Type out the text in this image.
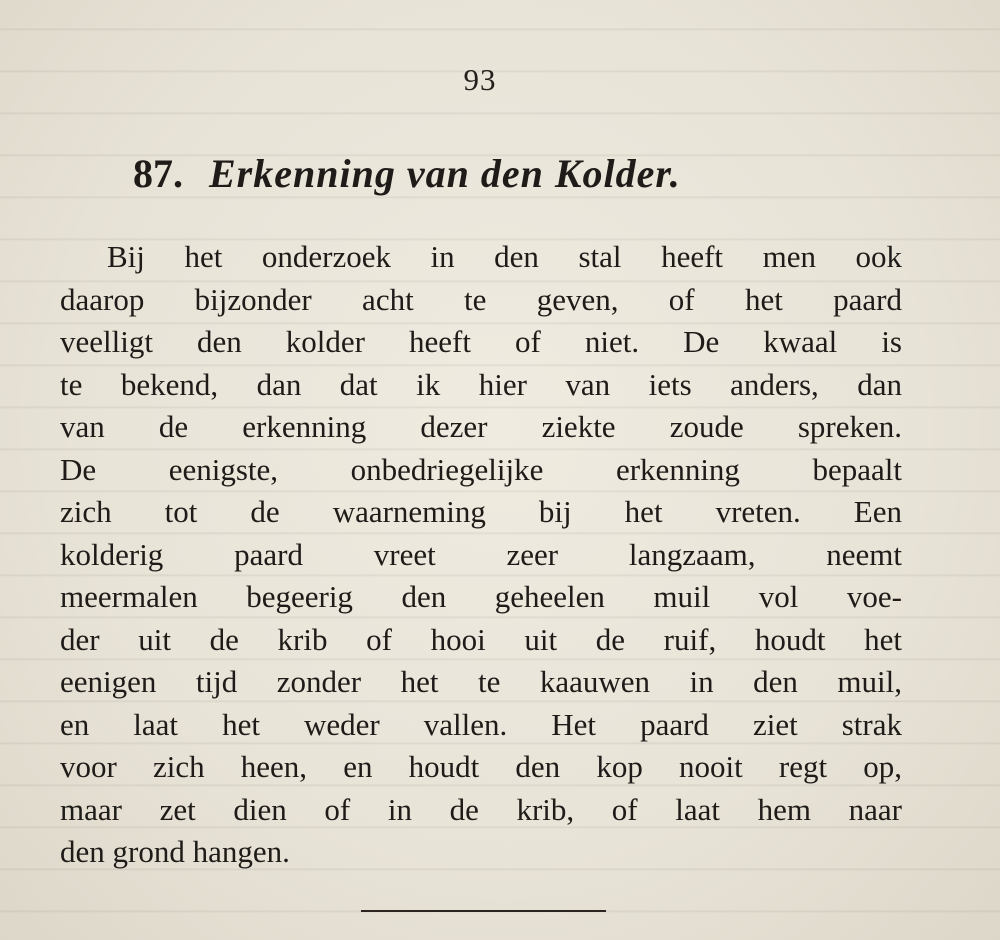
93
87. Erkenning van den Kolder.
Bij het onderzoek in den stal heeft men ook
daarop bijzonder acht te geven, of het paard
veelligt den kolder heeft of niet. De kwaal is
te bekend, dan dat ik hier van iets anders, dan
van de erkenning dezer ziekte zoude spreken.
De eenigste, onbedriegelijke erkenning bepaalt
zich tot de waarneming bij het vreten. Een
kolderig paard vreet zeer langzaam, neemt
meermalen begeerig den geheelen muil vol voe-
der uit de krib of hooi uit de ruif, houdt het
eenigen tijd zonder het te kaauwen in den muil,
en laat het weder vallen. Het paard ziet strak
voor zich heen, en houdt den kop nooit regt op,
maar zet dien of in de krib, of laat hem naar
den grond hangen.
